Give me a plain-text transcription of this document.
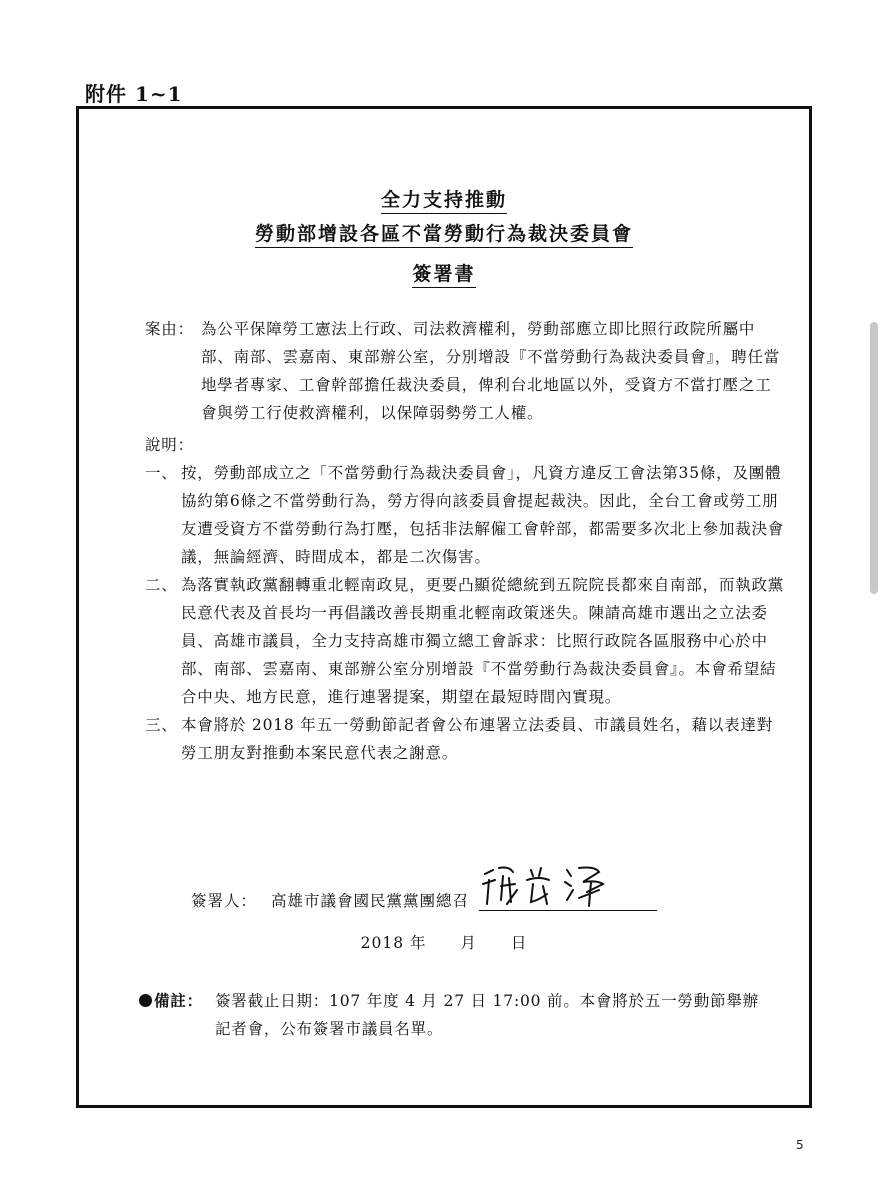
附件 1~1
全力支持推動
勞動部增設各區不當勞動行為裁決委員會
簽署書
案由： 為公平保障勞工憲法上行政、司法救濟權利，勞動部應立即比照行政院所屬中部、南部、雲嘉南、東部辦公室，分別增設『不當勞動行為裁決委員會』，聘任當地學者專家、工會幹部擔任裁決委員，俾利台北地區以外，受資方不當打壓之工會與勞工行使救濟權利，以保障弱勢勞工人權。
說明：
一、 按，勞動部成立之「不當勞動行為裁決委員會」，凡資方違反工會法第35條，及團體協約第6條之不當勞動行為，勞方得向該委員會提起裁決。因此，全台工會或勞工朋友遭受資方不當勞動行為打壓，包括非法解僱工會幹部，都需要多次北上參加裁決會議，無論經濟、時間成本，都是二次傷害。
二、 為落實執政黨翻轉重北輕南政見，更要凸顯從總統到五院院長都來自南部，而執政黨民意代表及首長均一再倡議改善長期重北輕南政策迷失。陳請高雄市選出之立法委員、高雄市議員，全力支持高雄市獨立總工會訴求：比照行政院各區服務中心於中部、南部、雲嘉南、東部辦公室分別增設『不當勞動行為裁決委員會』。本會希望結合中央、地方民意，進行連署提案，期望在最短時間內實現。
三、 本會將於 2018 年五一勞動節記者會公布連署立法委員、市議員姓名，藉以表達對勞工朋友對推動本案民意代表之謝意。
簽署人： 高雄市議會國民黨黨團總召
2018 年 月 日
備註： 簽署截止日期：107 年度 4 月 27 日 17:00 前。本會將於五一勞動節舉辦記者會，公布簽署市議員名單。
5
